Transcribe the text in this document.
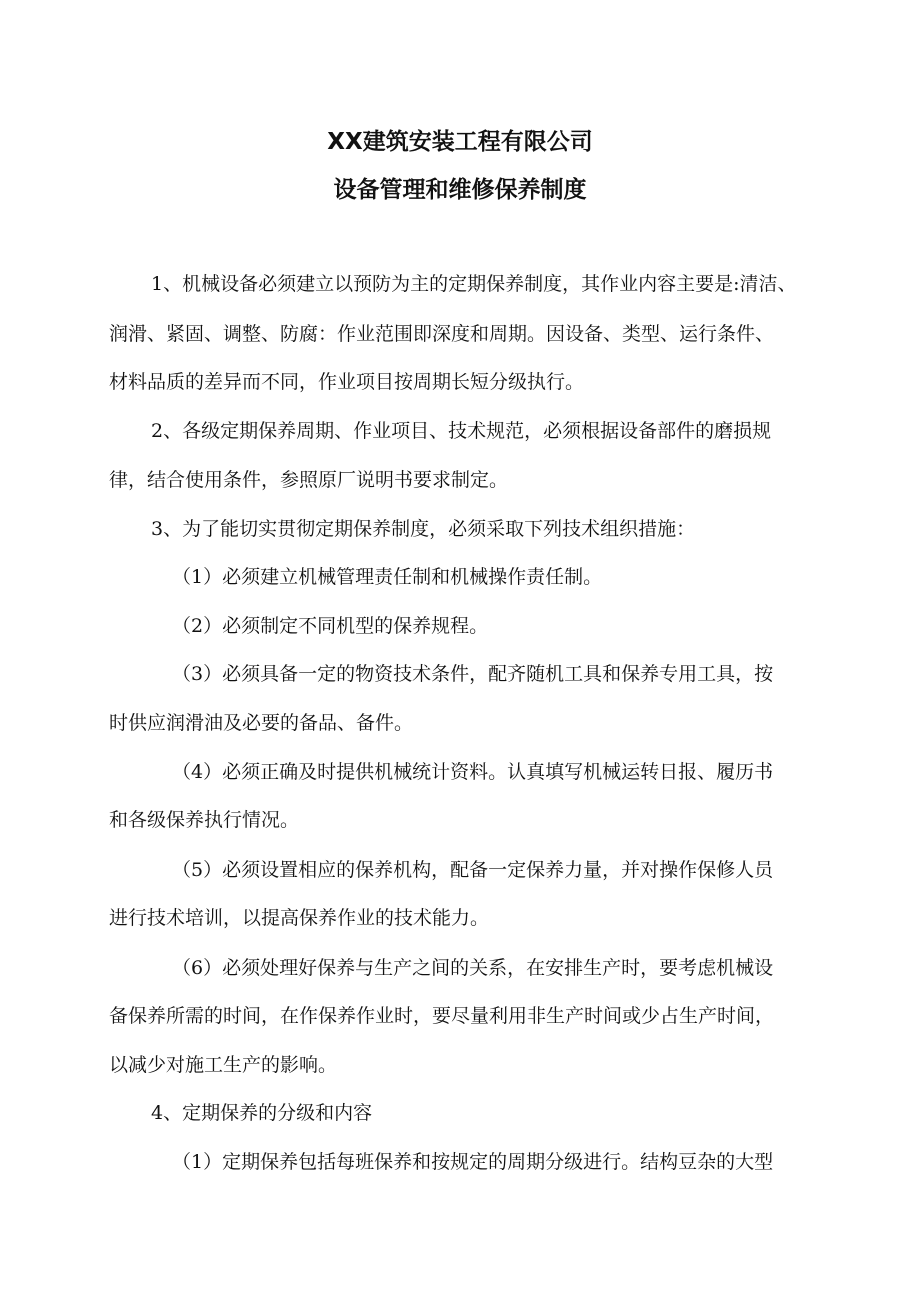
XX建筑安装工程有限公司
设备管理和维修保养制度
1、机械设备必须建立以预防为主的定期保养制度，其作业内容主要是:清洁、
润滑、紧固、调整、防腐：作业范围即深度和周期。因设备、类型、运行条件、
材料品质的差异而不同，作业项目按周期长短分级执行。
2、各级定期保养周期、作业项目、技术规范，必须根据设备部件的磨损规
律，结合使用条件，参照原厂说明书要求制定。
3、为了能切实贯彻定期保养制度，必须采取下列技术组织措施：
（1）必须建立机械管理责任制和机械操作责任制。
（2）必须制定不同机型的保养规程。
（3）必须具备一定的物资技术条件，配齐随机工具和保养专用工具，按
时供应润滑油及必要的备品、备件。
（4）必须正确及时提供机械统计资料。认真填写机械运转日报、履历书
和各级保养执行情况。
（5）必须设置相应的保养机构，配备一定保养力量，并对操作保修人员
进行技术培训，以提高保养作业的技术能力。
（6）必须处理好保养与生产之间的关系，在安排生产时，要考虑机械设
备保养所需的时间，在作保养作业时，要尽量利用非生产时间或少占生产时间，
以减少对施工生产的影响。
4、定期保养的分级和内容
（1）定期保养包括每班保养和按规定的周期分级进行。结构豆杂的大型
